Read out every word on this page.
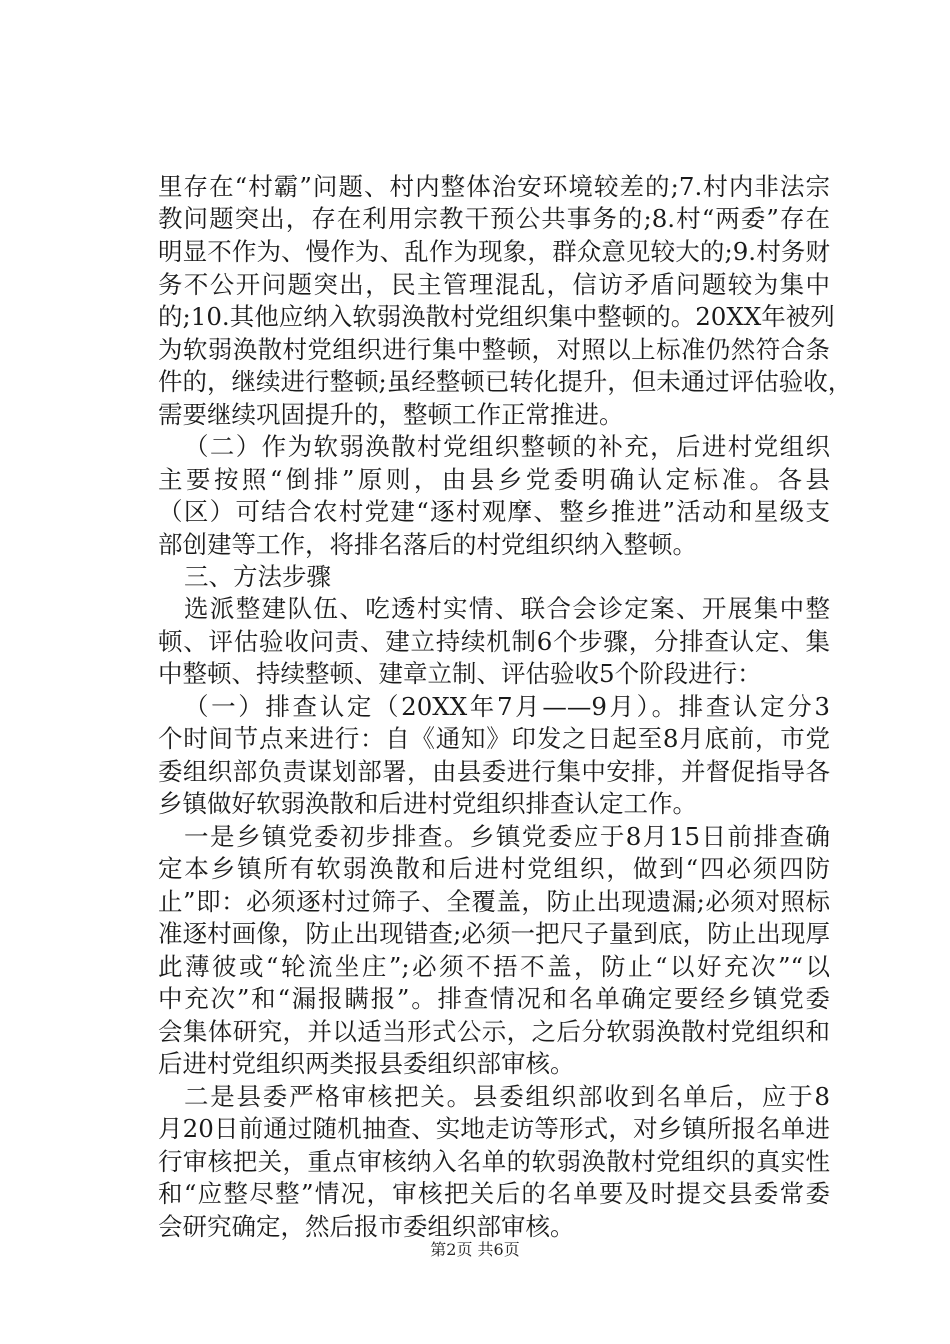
里存在“村霸”问题、村内整体治安环境较差的;7.村内非法宗
教问题突出，存在利用宗教干预公共事务的;8.村“两委”存在
明显不作为、慢作为、乱作为现象，群众意见较大的;9.村务财
务不公开问题突出，民主管理混乱，信访矛盾问题较为集中
的;10.其他应纳入软弱涣散村党组织集中整顿的。20XX年被列
为软弱涣散村党组织进行集中整顿，对照以上标准仍然符合条
件的，继续进行整顿;虽经整顿已转化提升，但未通过评估验收，
需要继续巩固提升的，整顿工作正常推进。
（二）作为软弱涣散村党组织整顿的补充，后进村党组织
主要按照“倒排”原则，由县乡党委明确认定标准。各县
（区）可结合农村党建“逐村观摩、整乡推进”活动和星级支
部创建等工作，将排名落后的村党组织纳入整顿。
三、方法步骤
选派整建队伍、吃透村实情、联合会诊定案、开展集中整
顿、评估验收问责、建立持续机制6个步骤，分排查认定、集
中整顿、持续整顿、建章立制、评估验收5个阶段进行：
（一）排查认定（20XX年7月——9月）。排查认定分3
个时间节点来进行：自《通知》印发之日起至8月底前，市党
委组织部负责谋划部署，由县委进行集中安排，并督促指导各
乡镇做好软弱涣散和后进村党组织排查认定工作。
一是乡镇党委初步排查。乡镇党委应于8月15日前排查确
定本乡镇所有软弱涣散和后进村党组织，做到“四必须四防
止”即：必须逐村过筛子、全覆盖，防止出现遗漏;必须对照标
准逐村画像，防止出现错查;必须一把尺子量到底，防止出现厚
此薄彼或“轮流坐庄”;必须不捂不盖，防止“以好充次”“以
中充次”和“漏报瞒报”。排查情况和名单确定要经乡镇党委
会集体研究，并以适当形式公示，之后分软弱涣散村党组织和
后进村党组织两类报县委组织部审核。
二是县委严格审核把关。县委组织部收到名单后，应于8
月20日前通过随机抽查、实地走访等形式，对乡镇所报名单进
行审核把关，重点审核纳入名单的软弱涣散村党组织的真实性
和“应整尽整”情况，审核把关后的名单要及时提交县委常委
会研究确定，然后报市委组织部审核。
第2页 共6页
